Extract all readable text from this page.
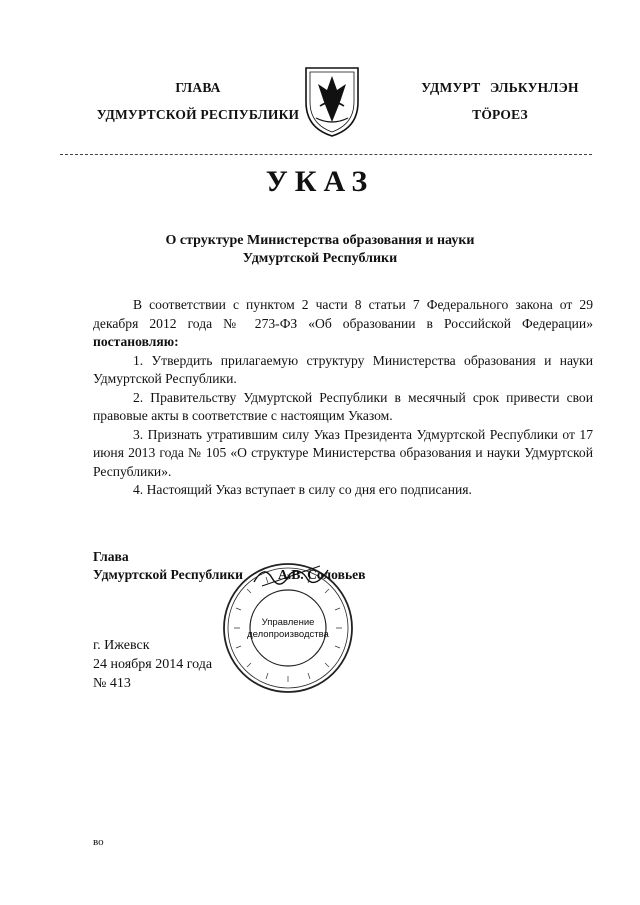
ГЛАВА
УДМУРТСКОЙ РЕСПУБЛИКИ
УДМУРТ ЭЛЬКУНЛЭН
ТӦРОЕЗ
УКАЗ
О структуре Министерства образования и науки
Удмуртской Республики

В соответствии с пунктом 2 части 8 статьи 7 Федерального закона от 29 декабря 2012 года № 273-ФЗ «Об образовании в Российской Федерации» постановляю:

1. Утвердить прилагаемую структуру Министерства образования и науки Удмуртской Республики.

2. Правительству Удмуртской Республики в месячный срок привести свои правовые акты в соответствие с настоящим Указом.

3. Признать утратившим силу Указ Президента Удмуртской Республики от 17 июня 2013 года № 105 «О структуре Министерства образования и науки Удмуртской Республики».

4. Настоящий Указ вступает в силу со дня его подписания.

Управление
делопроизводства
Глава
Удмуртской Республики	А.В. Соловьев
г. Ижевск
24 ноября 2014 года
№ 413
во
